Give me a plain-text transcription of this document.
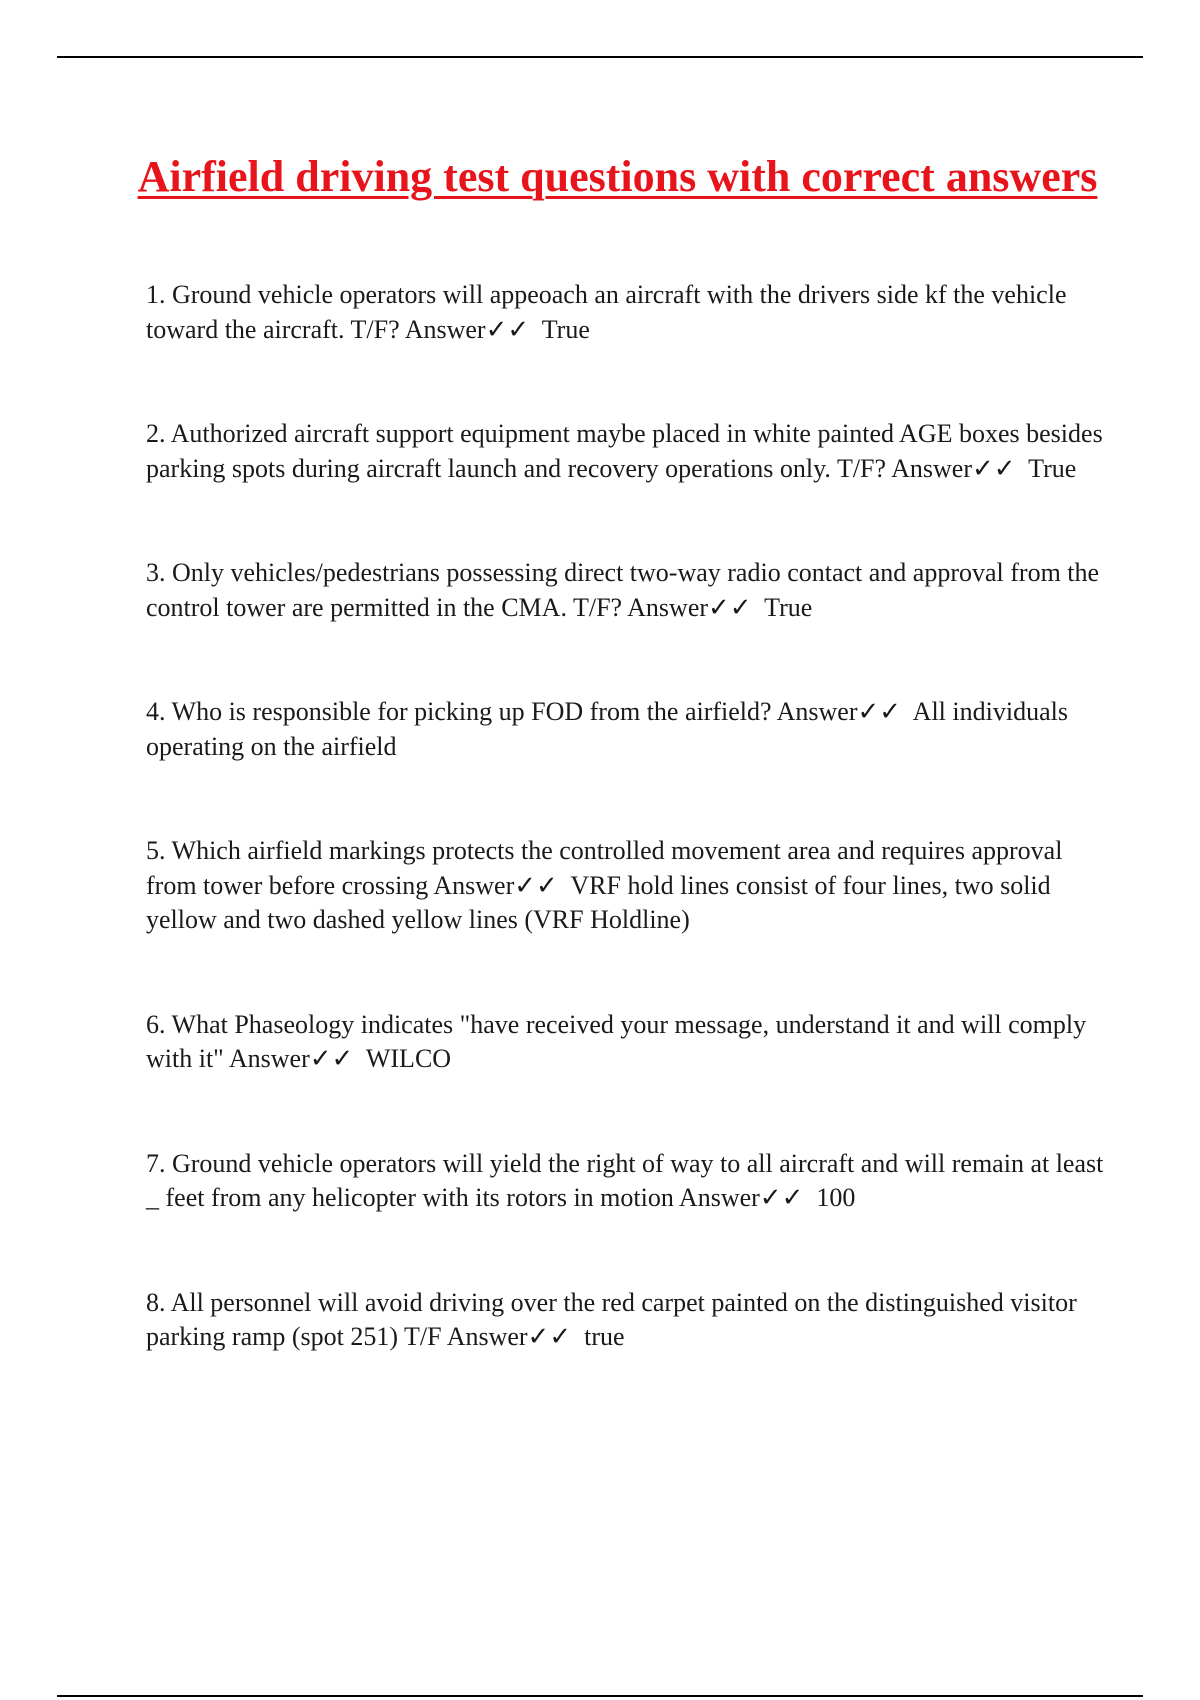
Airfield driving test questions with correct answers
1. Ground vehicle operators will appeoach an aircraft with the drivers side kf the vehicle toward the aircraft. T/F? Answer✓✓ True
2. Authorized aircraft support equipment maybe placed in white painted AGE boxes besides parking spots during aircraft launch and recovery operations only. T/F? Answer✓✓ True
3. Only vehicles/pedestrians possessing direct two-way radio contact and approval from the control tower are permitted in the CMA. T/F? Answer✓✓ True
4. Who is responsible for picking up FOD from the airfield? Answer✓✓ All individuals operating on the airfield
5. Which airfield markings protects the controlled movement area and requires approval from tower before crossing Answer✓✓ VRF hold lines consist of four lines, two solid yellow and two dashed yellow lines (VRF Holdline)
6. What Phaseology indicates "have received your message, understand it and will comply with it" Answer✓✓ WILCO
7. Ground vehicle operators will yield the right of way to all aircraft and will remain at least _ feet from any helicopter with its rotors in motion Answer✓✓ 100
8. All personnel will avoid driving over the red carpet painted on the distinguished visitor parking ramp (spot 251) T/F Answer✓✓ true
